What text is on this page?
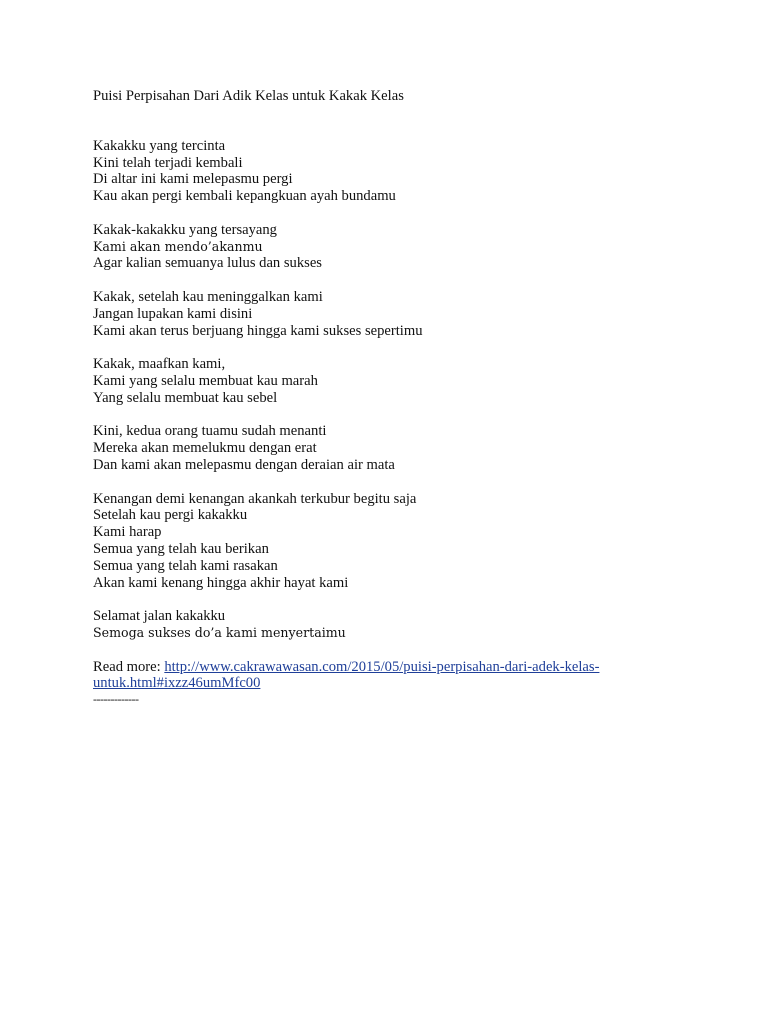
Puisi Perpisahan Dari Adik Kelas untuk Kakak Kelas

Kakakku yang tercinta
Kini telah terjadi kembali
Di altar ini kami melepasmu pergi
Kau akan pergi kembali kepangkuan ayah bundamu
Kakak-kakakku yang tersayang
Kami akan mendo’akanmu
Agar kalian semuanya lulus dan sukses
Kakak, setelah kau meninggalkan kami
Jangan lupakan kami disini
Kami akan terus berjuang hingga kami sukses sepertimu
Kakak, maafkan kami,
Kami yang selalu membuat kau marah
Yang selalu membuat kau sebel
Kini, kedua orang tuamu sudah menanti
Mereka akan memelukmu dengan erat
Dan kami akan melepasmu dengan deraian air mata
Kenangan demi kenangan akankah terkubur begitu saja
Setelah kau pergi kakakku
Kami harap
Semua yang telah kau berikan
Semua yang telah kami rasakan
Akan kami kenang hingga akhir hayat kami
Selamat jalan kakakku
Semoga sukses do’a kami menyertaimu

Read more: http://www.cakrawawasan.com/2015/05/puisi-perpisahan-dari-adek-kelas-
untuk.html#ixzz46umMfc00

-------------
